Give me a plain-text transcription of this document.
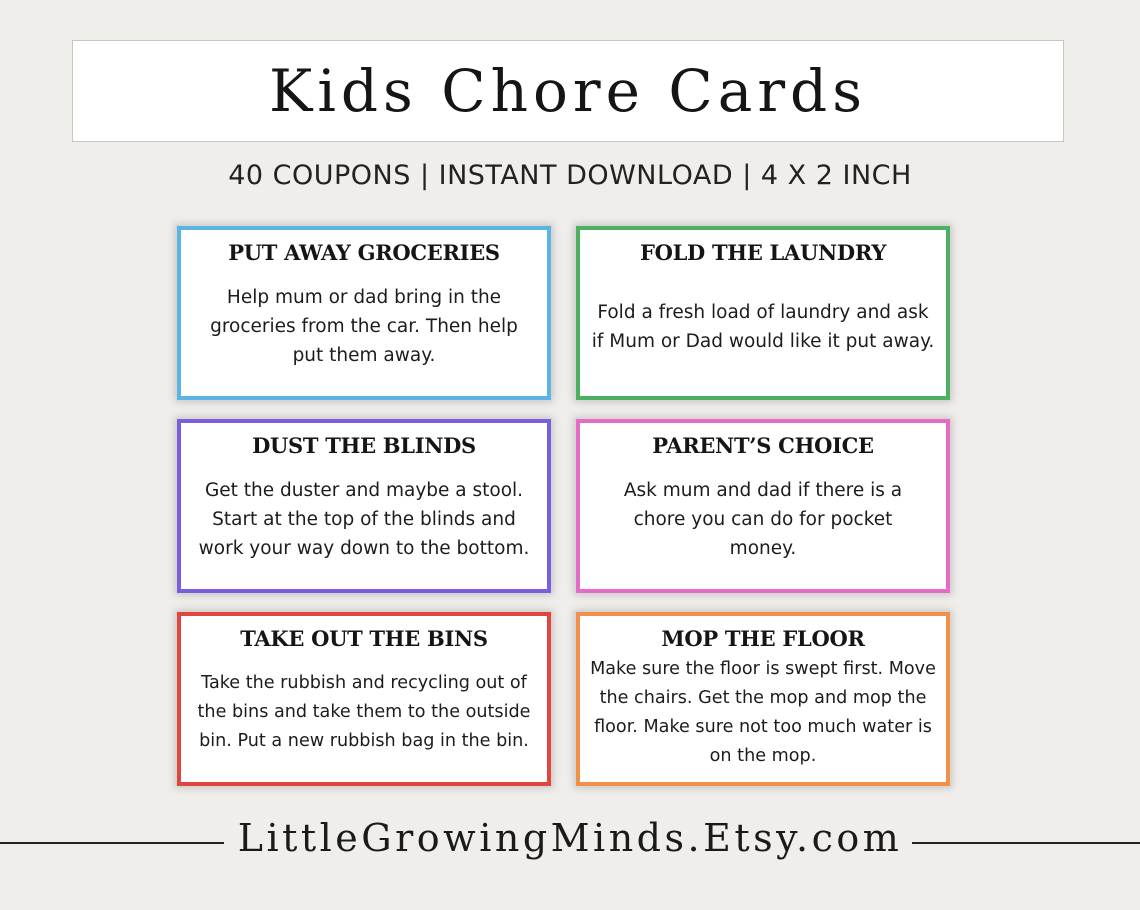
Kids Chore Cards
40 COUPONS | INSTANT DOWNLOAD | 4 X 2 INCH
PUT AWAY GROCERIES
Help mum or dad bring in the groceries from the car. Then help put them away.
FOLD THE LAUNDRY
Fold a fresh load of laundry and ask if Mum or Dad would like it put away.
DUST THE BLINDS
Get the duster and maybe a stool. Start at the top of the blinds and work your way down to the bottom.
PARENT’S CHOICE
Ask mum and dad if there is a chore you can do for pocket money.
TAKE OUT THE BINS
Take the rubbish and recycling out of the bins and take them to the outside bin. Put a new rubbish bag in the bin.
MOP THE FLOOR
Make sure the floor is swept first. Move the chairs. Get the mop and mop the floor. Make sure not too much water is on the mop.
LittleGrowingMinds.Etsy.com
